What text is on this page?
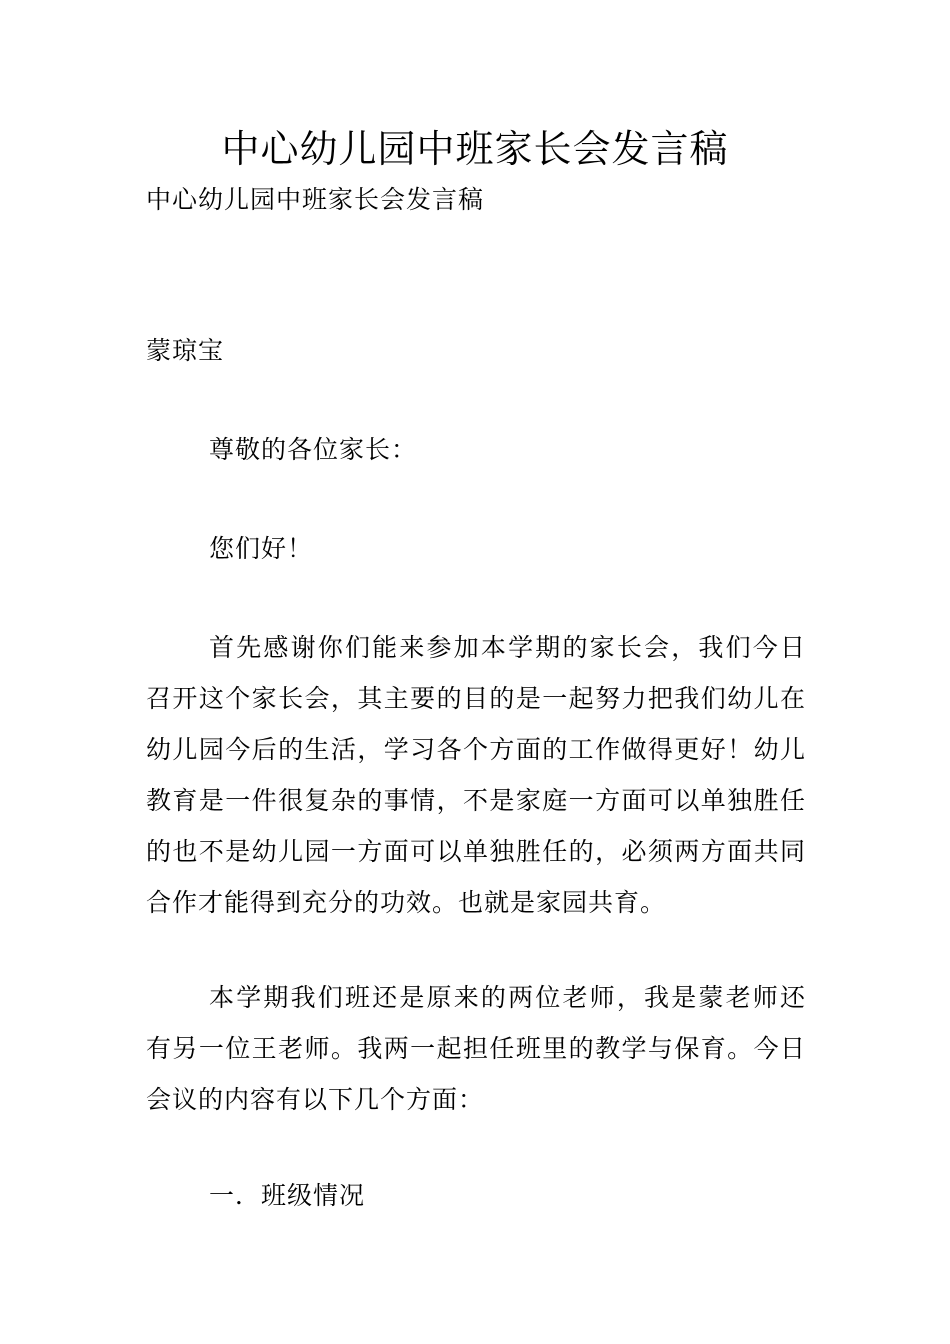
中心幼儿园中班家长会发言稿

中心幼儿园中班家长会发言稿

蒙琼宝

尊敬的各位家长：

您们好！

首先感谢你们能来参加本学期的家长会，我们今日召开这个家长会，其主要的目的是一起努力把我们幼儿在幼儿园今后的生活，学习各个方面的工作做得更好！幼儿教育是一件很复杂的事情，不是家庭一方面可以单独胜任的也不是幼儿园一方面可以单独胜任的，必须两方面共同合作才能得到充分的功效。也就是家园共育。

本学期我们班还是原来的两位老师，我是蒙老师还有另一位王老师。我两一起担任班里的教学与保育。今日会议的内容有以下几个方面：

一．班级情况
